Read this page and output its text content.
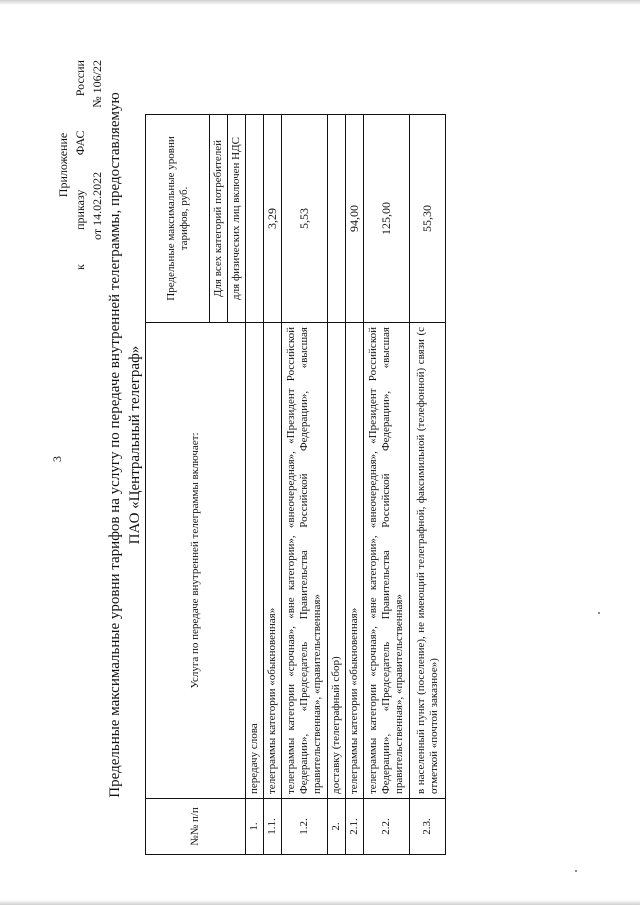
3
Приложение
к
приказу
ФАС
России
от 14.02.2022
№ 106/22
Предельные максимальные уровни тарифов на услугу по передаче внутренней телеграммы, предоставляемую ПАО «Центральный телеграф»
№№ п/п	Услуга по передаче внутренней телеграммы включает:	Предельные максимальные уровни тарифов, руб.
		Для всех категорий потребителей
		для физических лиц включен НДС
1.	передачу слова	
1.1.	телеграммы категории «обыкновенная»	3,29
1.2.	телеграммы категории «срочная», «вне категории», «внеочередная», «Президент Российской Федерации», «Председатель Правительства Российской Федерации», «высшая правительственная», «правительственная»	5,53
2.	доставку (телеграфный сбор)	
2.1.	телеграммы категории «обыкновенная»	94,00
2.2.	телеграммы категории «срочная», «вне категории», «внеочередная», «Президент Российской Федерации», «Председатель Правительства Российской Федерации», «высшая правительственная», «правительственная»	125,00
2.3.	в населенный пункт (поселение), не имеющий телеграфной, факсимильной (телефонной) связи (с отметкой «почтой заказное»)	55,30
